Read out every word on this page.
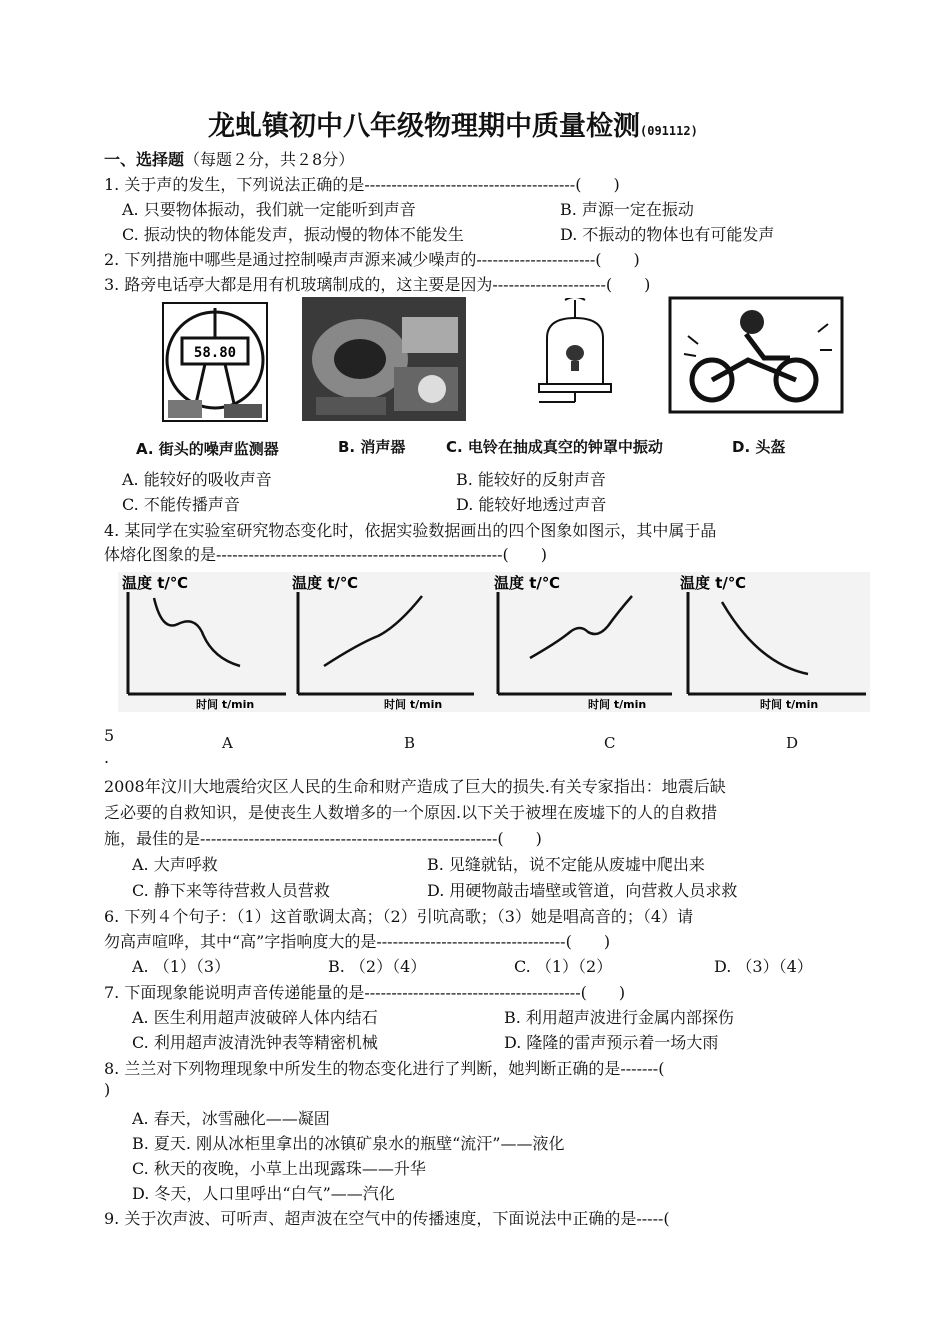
龙虬镇初中八年级物理期中质量检测(091112)
一、选择题（每题２分，共２8分）
1. 关于声的发生，下列说法正确的是---------------------------------------(　　)
A. 只要物体振动，我们就一定能听到声音	B. 声源一定在振动
C. 振动快的物体能发声，振动慢的物体不能发生	D. 不振动的物体也有可能发声
2. 下列措施中哪些是通过控制噪声声源来减少噪声的----------------------(　　)
3. 路旁电话亭大都是用有机玻璃制成的，这主要是因为---------------------(　　)
58.80
A. 街头的噪声监测器	B. 消声器	C. 电铃在抽成真空的钟罩中振动	D. 头盔
A. 能较好的吸收声音	B. 能较好的反射声音
C. 不能传播声音	D. 能较好地透过声音
4. 某同学在实验室研究物态变化时，依据实验数据画出的四个图象如图示，其中属于晶
体熔化图象的是-----------------------------------------------------(　　)
温度 t/℃
时间 t/min
温度 t/℃
时间 t/min
温度 t/℃
时间 t/min
温度 t/℃
时间 t/min
A	B	C	D
5
.
2008年汶川大地震给灾区人民的生命和财产造成了巨大的损失.有关专家指出：地震后缺
乏必要的自救知识，是使丧生人数增多的一个原因.以下关于被埋在废墟下的人的自救措
施，最佳的是-------------------------------------------------------(　　)
A. 大声呼救	B. 见缝就钻，说不定能从废墟中爬出来
C. 静下来等待营救人员营救	D. 用硬物敲击墙壁或管道，向营救人员求救
6. 下列４个句子：（1）这首歌调太高；（2）引吭高歌；（3）她是唱高音的；（4）请
勿高声喧哗，其中“高”字指响度大的是-----------------------------------(　　)
A. （1）（3）	B. （2）（4）	C. （1）（2）	D. （3）（4）
7. 下面现象能说明声音传递能量的是----------------------------------------(　　)
A. 医生利用超声波破碎人体内结石	B. 利用超声波进行金属内部探伤
C. 利用超声波清洗钟表等精密机械	D. 隆隆的雷声预示着一场大雨
8. 兰兰对下列物理现象中所发生的物态变化进行了判断，她判断正确的是-------(
)
A. 春天，冰雪融化——凝固
B. 夏天. 刚从冰柜里拿出的冰镇矿泉水的瓶壁“流汗”——液化
C. 秋天的夜晚，小草上出现露珠——升华
D. 冬天，人口里呼出“白气”——汽化
9. 关于次声波、可听声、超声波在空气中的传播速度，下面说法中正确的是-----(
